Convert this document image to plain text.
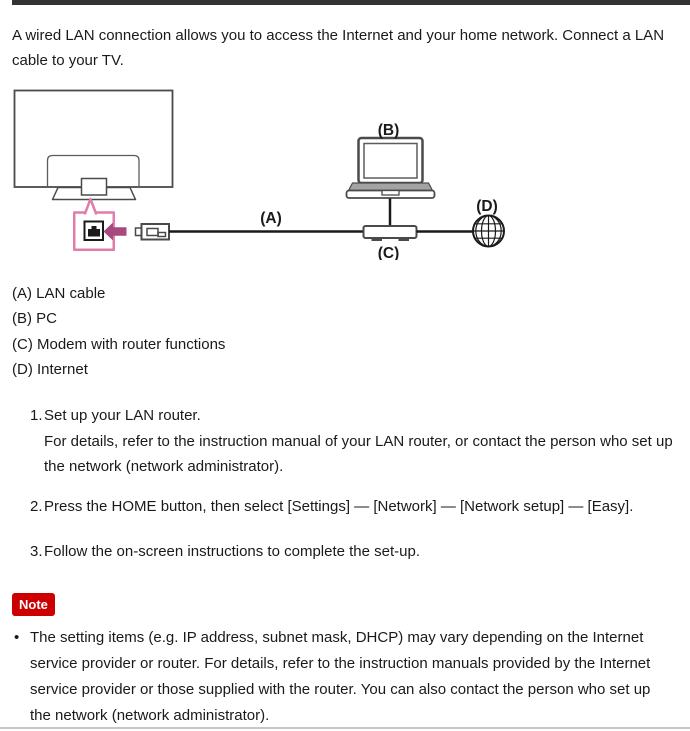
A wired LAN connection allows you to access the Internet and your home network. Connect a LAN cable to your TV.

(A)
(B)
(C)
(D)
(A) LAN cable
(B) PC
(C) Modem with router functions
(D) Internet
1. Set up your LAN router.
For details, refer to the instruction manual of your LAN router, or contact the person who set up the network (network administrator).
2. Press the HOME button, then select [Settings] — [Network] — [Network setup] — [Easy].
3. Follow the on-screen instructions to complete the set-up.
Note
• The setting items (e.g. IP address, subnet mask, DHCP) may vary depending on the Internet service provider or router. For details, refer to the instruction manuals provided by the Internet service provider or those supplied with the router. You can also contact the person who set up the network (network administrator).
